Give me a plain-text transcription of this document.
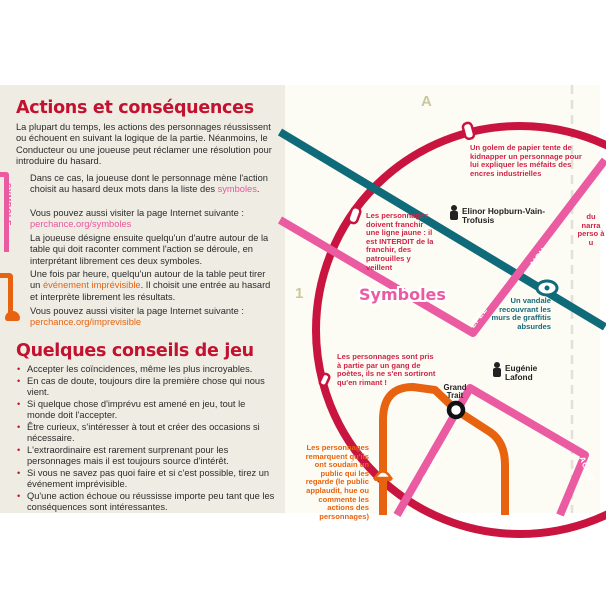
Actions et conséquences

La plupart du temps, les actions des personnages réussissent ou échouent en suivant la logique de la partie. Néanmoins, le Conducteur ou une joueuse peut réclamer une résolution pour introduire du hasard.

SYMBOLE

Dans ce cas, la joueuse dont le personnage mène l'action choisit au hasard deux mots dans la liste des symboles.

Vous pouvez aussi visiter la page Internet suivante :
perchance.org/symboles

La joueuse désigne ensuite quelqu'un d'autre autour de la table qui doit raconter comment l'action se déroule, en interprétant librement ces deux symboles.

Une fois par heure, quelqu'un autour de la table peut tirer un événement imprévisible. Il choisit une entrée au hasard et interprète librement les résultats.

Vous pouvez aussi visiter la page Internet suivante :
perchance.org/imprevisible

Quelques conseils de jeu
• Accepter les coïncidences, même les plus incroyables.
• En cas de doute, toujours dire la première chose qui nous vient.
• Si quelque chose d'imprévu est amené en jeu, tout le monde doit l'accepter.
• Être curieux, s'intéresser à tout et créer des occasions si nécessaire.
• L'extraordinaire est rarement surprenant pour les personnages mais il est toujours source d'intérêt.
• Si vous ne savez pas quoi faire et si c'est possible, tirez un événement imprévisible.
• Qu'une action échoue ou réussisse importe peu tant que les conséquences sont intéressantes.
A
1	Symboles
AIGU
EPEE
FUMEE	ACIDE
Un golem de papier tente de kidnapper un personnage pour lui expliquer les méfaits des encres industrielles
Les personnages doivent franchir une ligne jaune : il est INTERDIT de la franchir, des patrouilles y veillent
Elinor Hopburn-Vain-Trofusis	du narra perso à u
Un vandale recouvrant les murs de graffitis absurdes
Eugénie Lafond
Les personnages sont pris à partie par un gang de poètes, ils ne s'en sortiront qu'en rimant !
Grand Trait
Les personnages remarquent qu'ils ont soudain un public qui les regarde (le public applaudit, hue ou commente les actions des personnages)
